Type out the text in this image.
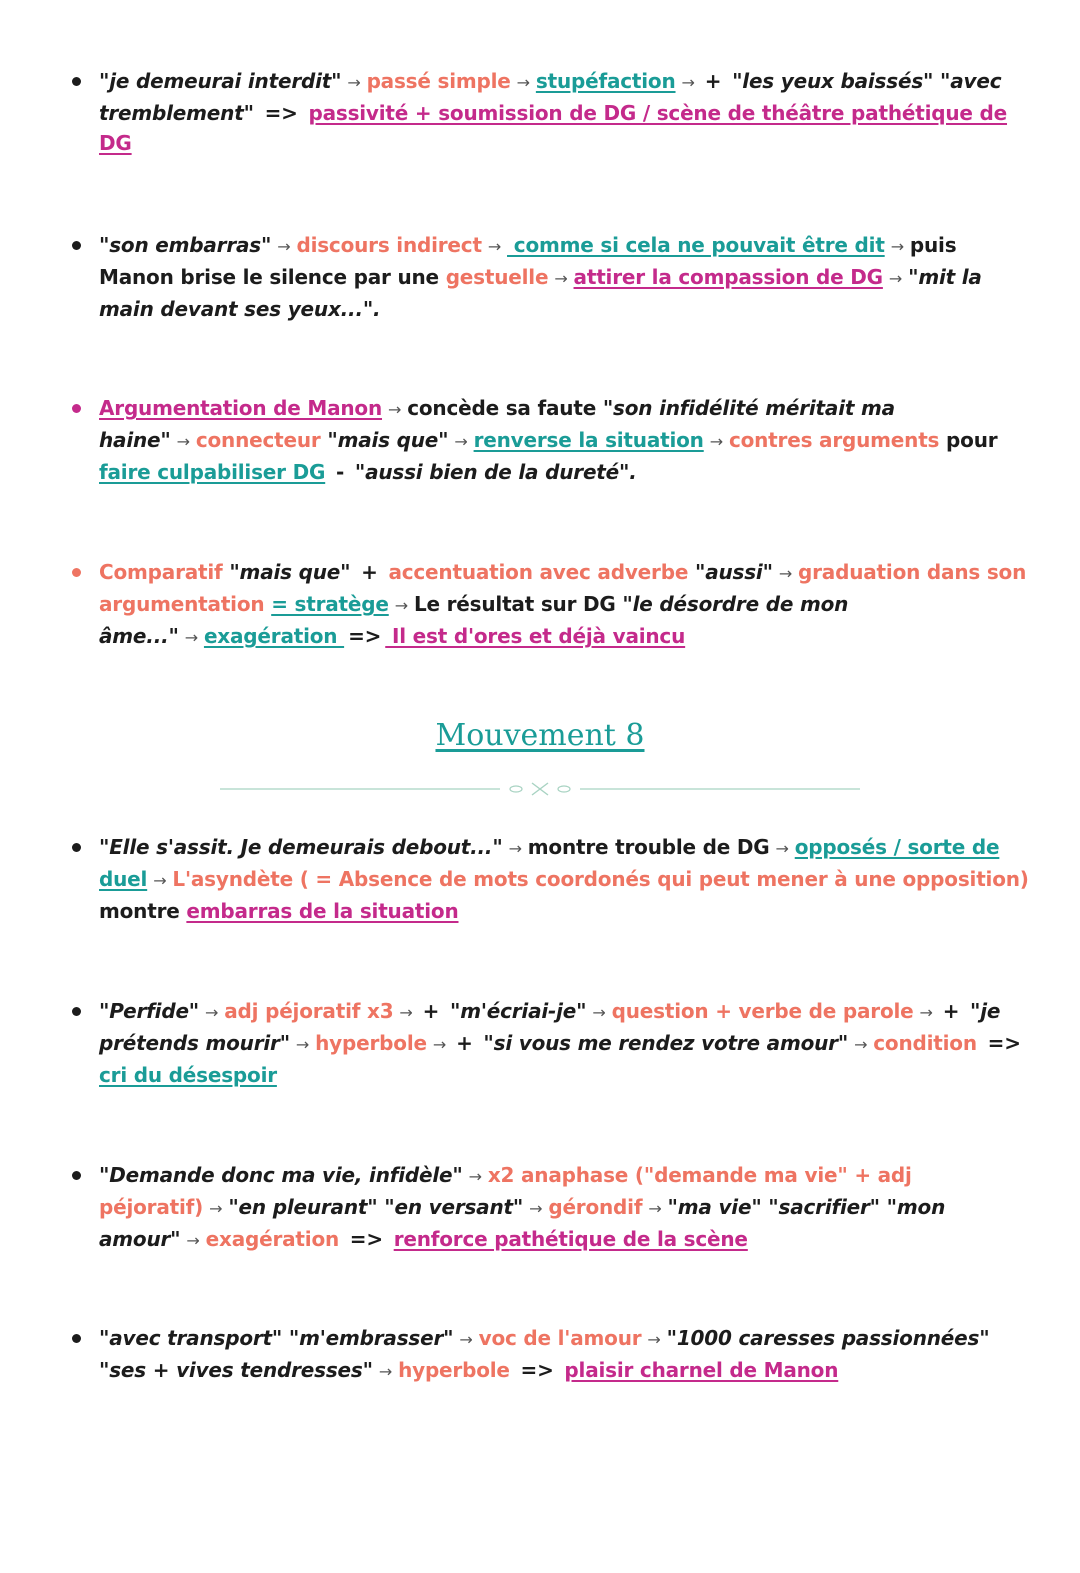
"je demeurai interdit" → passé simple → stupéfaction → + "les yeux baissés" "avec tremblement" => passivité + soumission de DG / scène de théâtre pathétique de DG
"son embarras" → discours indirect → comme si cela ne pouvait être dit → puis Manon brise le silence par une gestuelle → attirer la compassion de DG → "mit la main devant ses yeux...".
Argumentation de Manon → concède sa faute "son infidélité méritait ma haine" → connecteur "mais que" → renverse la situation → contres arguments pour faire culpabiliser DG - "aussi bien de la dureté".
Comparatif "mais que" + accentuation avec adverbe "aussi" → graduation dans son argumentation = stratège → Le résultat sur DG "le désordre de mon âme..." → exagération => Il est d'ores et déjà vaincu
Mouvement 8
"Elle s'assit. Je demeurais debout..." → montre trouble de DG → opposés / sorte de duel → L'asyndète ( = Absence de mots coordonés qui peut mener à une opposition) montre embarras de la situation
"Perfide" → adj péjoratif x3 → + "m'écriai-je" → question + verbe de parole → + "je prétends mourir" → hyperbole → + "si vous me rendez votre amour" → condition => cri du désespoir
"Demande donc ma vie, infidèle" → x2 anaphase ("demande ma vie" + adj péjoratif) → "en pleurant" "en versant" → gérondif → "ma vie" "sacrifier" "mon amour" → exagération => renforce pathétique de la scène
"avec transport" "m'embrasser" → voc de l'amour → "1000 caresses passionnées" "ses + vives tendresses" → hyperbole => plaisir charnel de Manon
